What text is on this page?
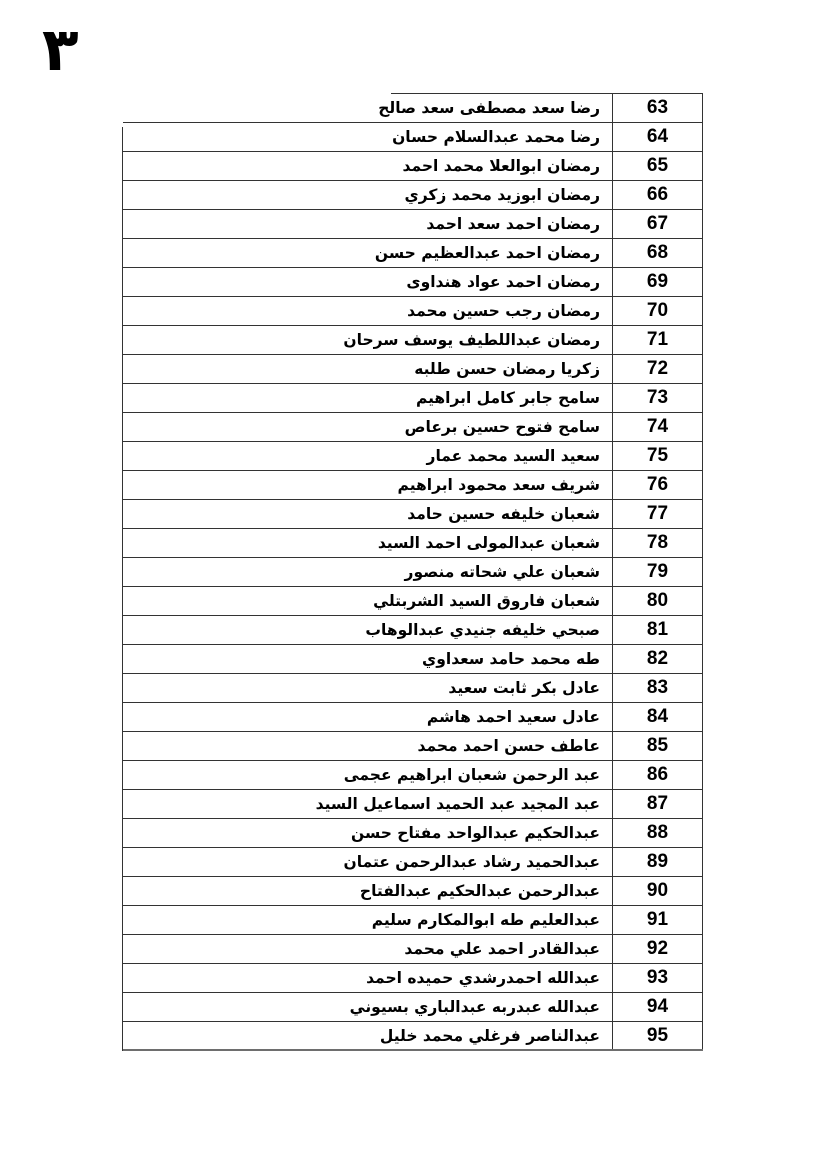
٣
رضا سعد مصطفى سعد صالح	63
رضا محمد عبدالسلام حسان	64
رمضان ابوالعلا محمد احمد	65
رمضان ابوزيد محمد زكري	66
رمضان احمد سعد احمد	67
رمضان احمد عبدالعظيم حسن	68
رمضان احمد عواد هنداوى	69
رمضان رجب حسين محمد	70
رمضان عبداللطيف يوسف سرحان	71
زكريا رمضان حسن طلبه	72
سامح جابر كامل ابراهيم	73
سامح فتوح حسين برعاص	74
سعيد السيد محمد عمار	75
شريف سعد محمود ابراهيم	76
شعبان خليفه حسين حامد	77
شعبان عبدالمولى احمد السيد	78
شعبان علي شحاته منصور	79
شعبان فاروق السيد الشربتلي	80
صبحي خليفه جنيدي عبدالوهاب	81
طه محمد حامد سعداوي	82
عادل بكر ثابت سعيد	83
عادل سعيد احمد هاشم	84
عاطف حسن احمد محمد	85
عبد الرحمن شعبان ابراهيم عجمى	86
عبد المجيد عبد الحميد اسماعيل السيد	87
عبدالحكيم عبدالواحد مفتاح حسن	88
عبدالحميد رشاد عبدالرحمن عتمان	89
عبدالرحمن عبدالحكيم عبدالفتاح	90
عبدالعليم طه ابوالمكارم سليم	91
عبدالقادر احمد علي محمد	92
عبدالله احمدرشدي حميده احمد	93
عبدالله عبدربه عبدالباري بسيوني	94
عبدالناصر فرغلي محمد خليل	95
